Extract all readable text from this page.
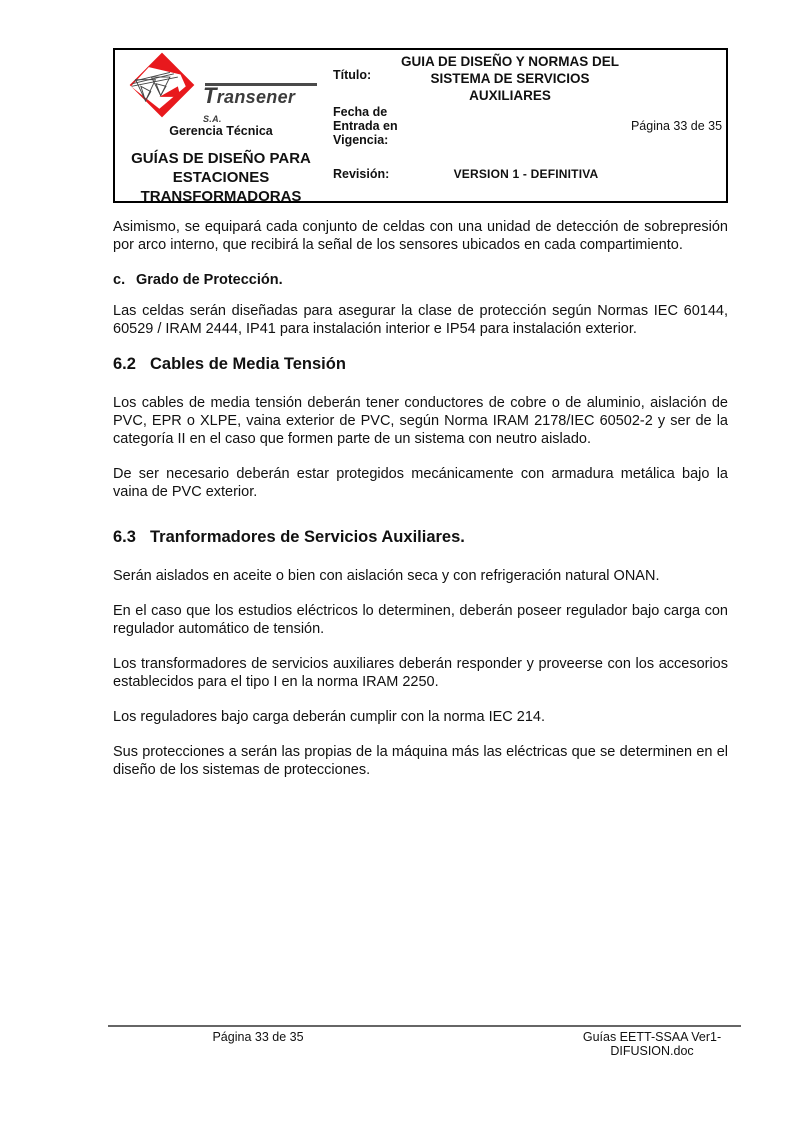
Transener S.A.
Gerencia Técnica
GUÍAS DE DISEÑO PARA ESTACIONES TRANSFORMADORAS
Título:
GUIA DE DISEÑO Y NORMAS DEL SISTEMA DE SERVICIOS AUXILIARES
Fecha de
Entrada en
Vigencia:
Revisión:	VERSION 1 - DEFINITIVA
Página 33 de 35

Asimismo, se equipará cada conjunto de celdas con una unidad de detección de sobrepresión por arco interno, que recibirá la señal de los sensores ubicados en cada compartimiento.

c. Grado de Protección.

Las celdas serán diseñadas para asegurar la clase de protección según Normas IEC 60144, 60529 / IRAM 2444, IP41 para instalación interior e IP54 para instalación exterior.

6.2 Cables de Media Tensión

Los cables de media tensión deberán tener conductores de cobre o de aluminio, aislación de PVC, EPR o XLPE, vaina exterior de PVC, según Norma IRAM 2178/IEC 60502-2 y ser de la categoría II en el caso que formen parte de un sistema con neutro aislado.

De ser necesario deberán estar protegidos mecánicamente con armadura metálica bajo la vaina de PVC exterior.

6.3 Tranformadores de Servicios Auxiliares.

Serán aislados en aceite o bien con aislación seca y con refrigeración natural ONAN.

En el caso que los estudios eléctricos lo determinen, deberán poseer regulador bajo carga con regulador automático de tensión.

Los transformadores de servicios auxiliares deberán responder y proveerse con los accesorios establecidos para el tipo I en la norma IRAM 2250.

Los reguladores bajo carga deberán cumplir con la norma IEC 214.

Sus protecciones a serán las propias de la máquina más las eléctricas que se determinen en el diseño de los sistemas de protecciones.

Página 33 de 35	Guías EETT-SSAA Ver1-
DIFUSION.doc
